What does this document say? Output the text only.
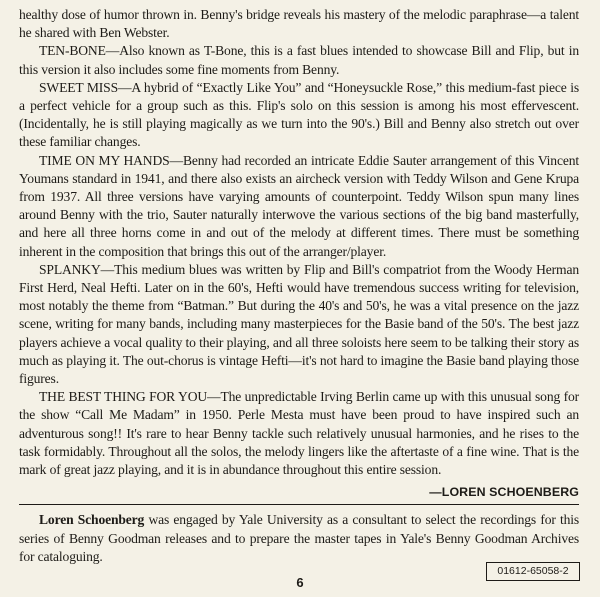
healthy dose of humor thrown in. Benny's bridge reveals his mastery of the melodic paraphrase—a talent he shared with Ben Webster.

TEN-BONE—Also known as T-Bone, this is a fast blues intended to showcase Bill and Flip, but in this version it also includes some fine moments from Benny.

SWEET MISS—A hybrid of “Exactly Like You” and “Honeysuckle Rose,” this medium-fast piece is a perfect vehicle for a group such as this. Flip's solo on this session is among his most effervescent. (Incidentally, he is still playing magically as we turn into the 90's.) Bill and Benny also stretch out over these familiar changes.

TIME ON MY HANDS—Benny had recorded an intricate Eddie Sauter arrangement of this Vincent Youmans standard in 1941, and there also exists an aircheck version with Teddy Wilson and Gene Krupa from 1937. All three versions have varying amounts of counterpoint. Teddy Wilson spun many lines around Benny with the trio, Sauter naturally interwove the various sections of the big band masterfully, and here all three horns come in and out of the melody at different times. There must be something inherent in the composition that brings this out of the arranger/player.

SPLANKY—This medium blues was written by Flip and Bill's compatriot from the Woody Herman First Herd, Neal Hefti. Later on in the 60's, Hefti would have tremendous success writing for television, most notably the theme from “Batman.” But during the 40's and 50's, he was a vital presence on the jazz scene, writing for many bands, including many masterpieces for the Basie band of the 50's. The best jazz players achieve a vocal quality to their playing, and all three soloists here seem to be talking their story as much as playing it. The out-chorus is vintage Hefti—it's not hard to imagine the Basie band playing those figures.

THE BEST THING FOR YOU—The unpredictable Irving Berlin came up with this unusual song for the show “Call Me Madam” in 1950. Perle Mesta must have been proud to have inspired such an adventurous song!! It's rare to hear Benny tackle such relatively unusual harmonies, and he rises to the task formidably. Throughout all the solos, the melody lingers like the aftertaste of a fine wine. That is the mark of great jazz playing, and it is in abundance throughout this entire session.

—LOREN SCHOENBERG

Loren Schoenberg was engaged by Yale University as a consultant to select the recordings for this series of Benny Goodman releases and to prepare the master tapes in Yale's Benny Goodman Archives for cataloguing.

6
01612-65058-2
